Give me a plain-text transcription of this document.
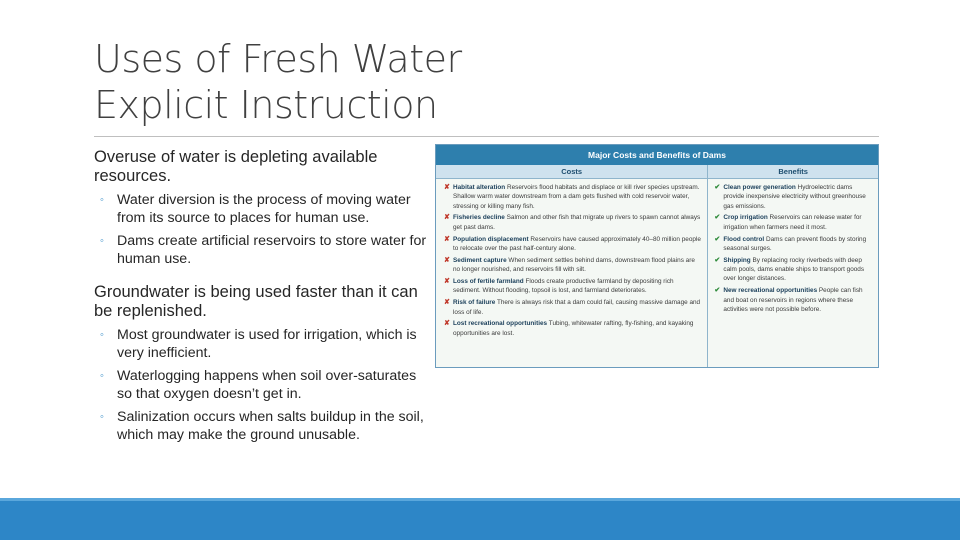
Uses of Fresh Water
Explicit Instruction
Overuse of water is depleting available resources.
◦ Water diversion is the process of moving water from its source to places for human use.
◦ Dams create artificial reservoirs to store water for human use.
Groundwater is being used faster than it can be replenished.
◦ Most groundwater is used for irrigation, which is very inefficient.
◦ Waterlogging happens when soil over-saturates so that oxygen doesn’t get in.
◦ Salinization occurs when salts buildup in the soil, which may make the ground unusable.
Major Costs and Benefits of Dams
Costs	Benefits
✘ Habitat alteration Reservoirs flood habitats and displace or kill river species upstream. Shallow warm water downstream from a dam gets flushed with cold reservoir water, stressing or killing many fish.
✘ Fisheries decline Salmon and other fish that migrate up rivers to spawn cannot always get past dams.
✘ Population displacement Reservoirs have caused approximately 40–80 million people to relocate over the past half-century alone.
✘ Sediment capture When sediment settles behind dams, downstream flood plains are no longer nourished, and reservoirs fill with silt.
✘ Loss of fertile farmland Floods create productive farmland by depositing rich sediment. Without flooding, topsoil is lost, and farmland deteriorates.
✘ Risk of failure There is always risk that a dam could fail, causing massive damage and loss of life.
✘ Lost recreational opportunities Tubing, whitewater rafting, fly-fishing, and kayaking opportunities are lost.
✔ Clean power generation Hydroelectric dams provide inexpensive electricity without greenhouse gas emissions.
✔ Crop irrigation Reservoirs can release water for irrigation when farmers need it most.
✔ Flood control Dams can prevent floods by storing seasonal surges.
✔ Shipping By replacing rocky riverbeds with deep calm pools, dams enable ships to transport goods over longer distances.
✔ New recreational opportunities People can fish and boat on reservoirs in regions where these activities were not possible before.
